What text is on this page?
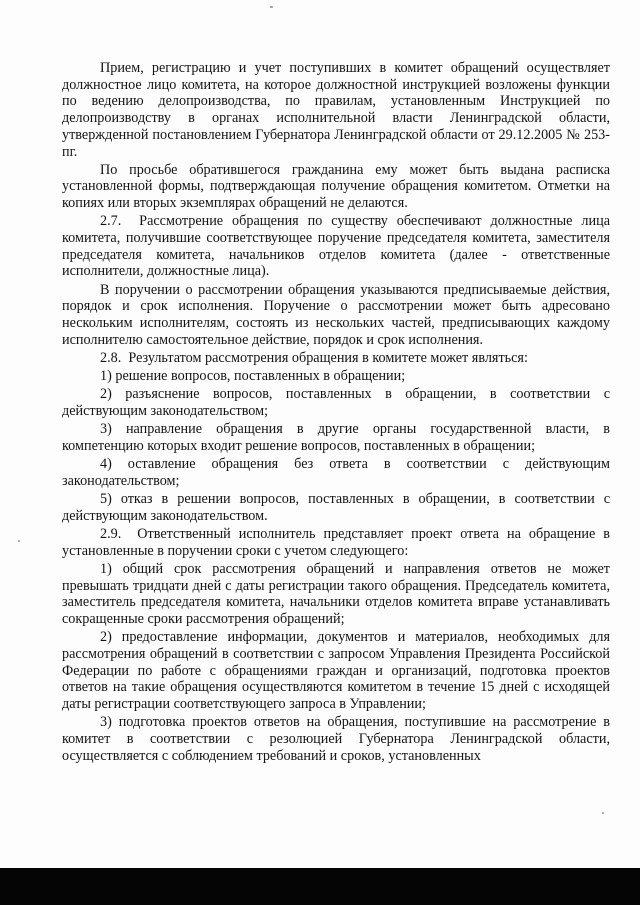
Прием, регистрацию и учет поступивших в комитет обращений осуществляет должностное лицо комитета, на которое должностной инструкцией возложены функции по ведению делопроизводства, по правилам, установленным Инструкцией по делопроизводству в органах исполнительной власти Ленинградской области, утвержденной постановлением Губернатора Ленинградской области от 29.12.2005 № 253-пг.

По просьбе обратившегося гражданина ему может быть выдана расписка установленной формы, подтверждающая получение обращения комитетом. Отметки на копиях или вторых экземплярах обращений не делаются.

2.7.  Рассмотрение обращения по существу обеспечивают должностные лица комитета, получившие соответствующее поручение председателя комитета, заместителя председателя комитета, начальников отделов комитета (далее - ответственные исполнители, должностные лица).

В поручении о рассмотрении обращения указываются предписываемые действия, порядок и срок исполнения. Поручение о рассмотрении может быть адресовано нескольким исполнителям, состоять из нескольких частей, предписывающих каждому исполнителю самостоятельное действие, порядок и срок исполнения.

2.8.  Результатом рассмотрения обращения в комитете может являться:

1) решение вопросов, поставленных в обращении;

2) разъяснение вопросов, поставленных в обращении, в соответствии с действующим законодательством;

3) направление обращения в другие органы государственной власти, в компетенцию которых входит решение вопросов, поставленных в обращении;

4) оставление обращения без ответа в соответствии с действующим законодательством;

5) отказ в решении вопросов, поставленных в обращении, в соответствии с действующим законодательством.

2.9.  Ответственный исполнитель представляет проект ответа на обращение в установленные в поручении сроки с учетом следующего:

1) общий срок рассмотрения обращений и направления ответов не может превышать тридцати дней с даты регистрации такого обращения. Председатель комитета, заместитель председателя комитета, начальники отделов комитета вправе устанавливать сокращенные сроки рассмотрения обращений;

2) предоставление информации, документов и материалов, необходимых для рассмотрения обращений в соответствии с запросом Управления Президента Российской Федерации по работе с обращениями граждан и организаций, подготовка проектов ответов на такие обращения осуществляются комитетом в течение 15 дней с исходящей даты регистрации соответствующего запроса в Управлении;

3) подготовка проектов ответов на обращения, поступившие на рассмотрение в комитет в соответствии с резолюцией Губернатора Ленинградской области, осуществляется с соблюдением требований и сроков, установленных
